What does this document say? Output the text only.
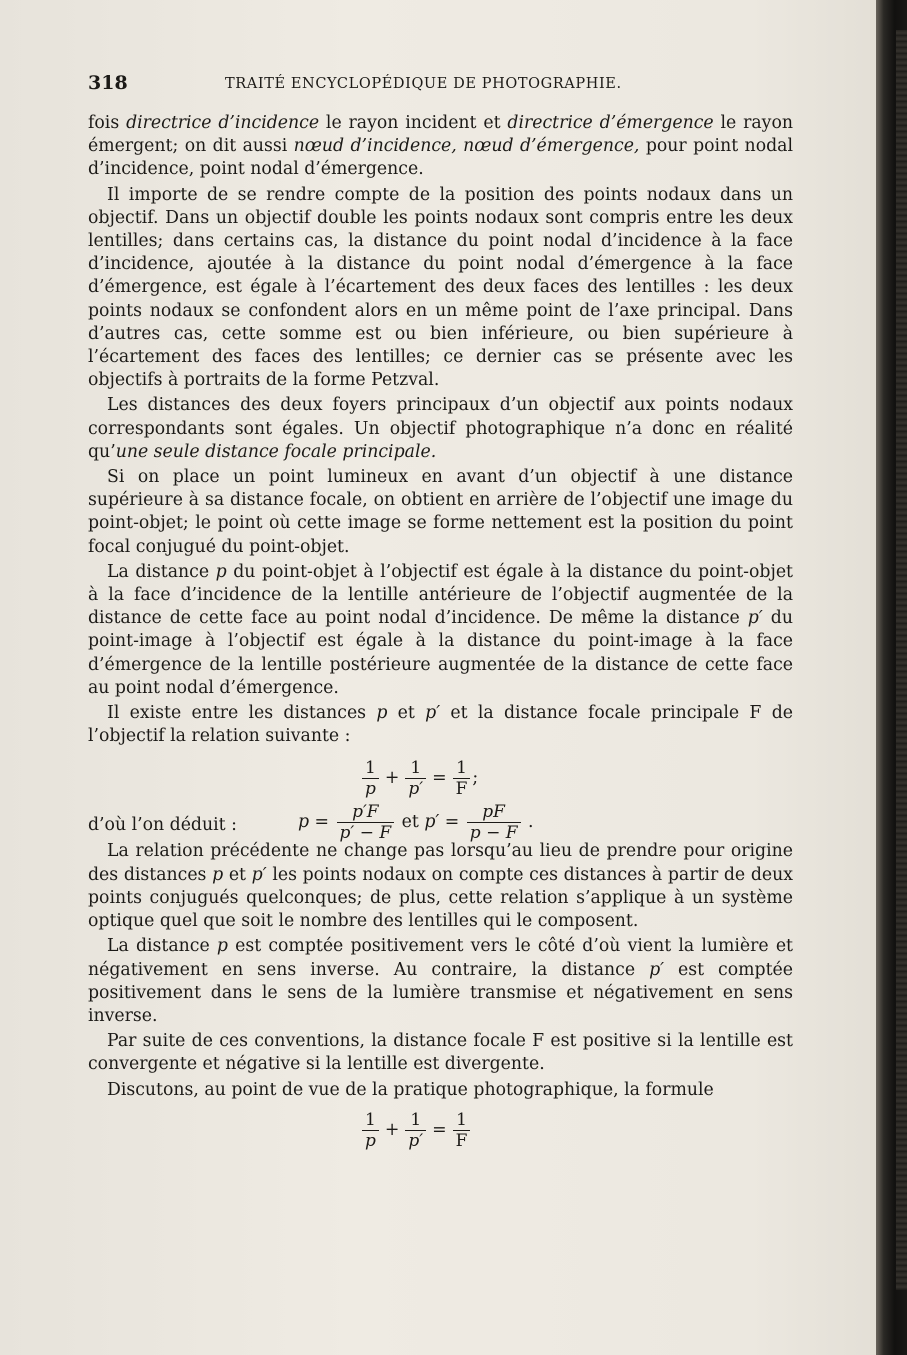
318	TRAITÉ ENCYCLOPÉDIQUE DE PHOTOGRAPHIE.

fois directrice d’incidence le rayon incident et directrice d’émergence le rayon émergent; on dit aussi nœud d’incidence, nœud d’émergence, pour point nodal d’incidence, point nodal d’émergence.

Il importe de se rendre compte de la position des points nodaux dans un objectif. Dans un objectif double les points nodaux sont compris entre les deux lentilles; dans certains cas, la distance du point nodal d’incidence à la face d’incidence, ajoutée à la distance du point nodal d’émergence à la face d’émergence, est égale à l’écartement des deux faces des lentilles : les deux points nodaux se confondent alors en un même point de l’axe principal. Dans d’autres cas, cette somme est ou bien inférieure, ou bien supérieure à l’écartement des faces des lentilles; ce dernier cas se présente avec les objectifs à portraits de la forme Petzval.

Les distances des deux foyers principaux d’un objectif aux points nodaux correspondants sont égales. Un objectif photographique n’a donc en réalité qu’une seule distance focale principale.

Si on place un point lumineux en avant d’un objectif à une distance supérieure à sa distance focale, on obtient en arrière de l’objectif une image du point-objet; le point où cette image se forme nettement est la position du point focal conjugué du point-objet.

La distance p du point-objet à l’objectif est égale à la distance du point-objet à la face d’incidence de la lentille antérieure de l’objectif augmentée de la distance de cette face au point nodal d’incidence. De même la distance p′ du point-image à l’objectif est égale à la distance du point-image à la face d’émergence de la lentille postérieure augmentée de la distance de cette face au point nodal d’émergence.

Il existe entre les distances p et p′ et la distance focale principale F de l’objectif la relation suivante :

$\frac{1}{p} + \frac{1}{p'} = \frac{1}{F}$ ;
d’où l’on déduit :	$p = \frac{p'F}{p' - F}$ et $p' = \frac{pF}{p - F}$ .

La relation précédente ne change pas lorsqu’au lieu de prendre pour origine des distances p et p′ les points nodaux on compte ces distances à partir de deux points conjugués quelconques; de plus, cette relation s’applique à un système optique quel que soit le nombre des lentilles qui le composent.

La distance p est comptée positivement vers le côté d’où vient la lumière et négativement en sens inverse. Au contraire, la distance p′ est comptée positivement dans le sens de la lumière transmise et négativement en sens inverse.

Par suite de ces conventions, la distance focale F est positive si la lentille est convergente et négative si la lentille est divergente.

Discutons, au point de vue de la pratique photographique, la formule

$\frac{1}{p} + \frac{1}{p'} = \frac{1}{F}$
